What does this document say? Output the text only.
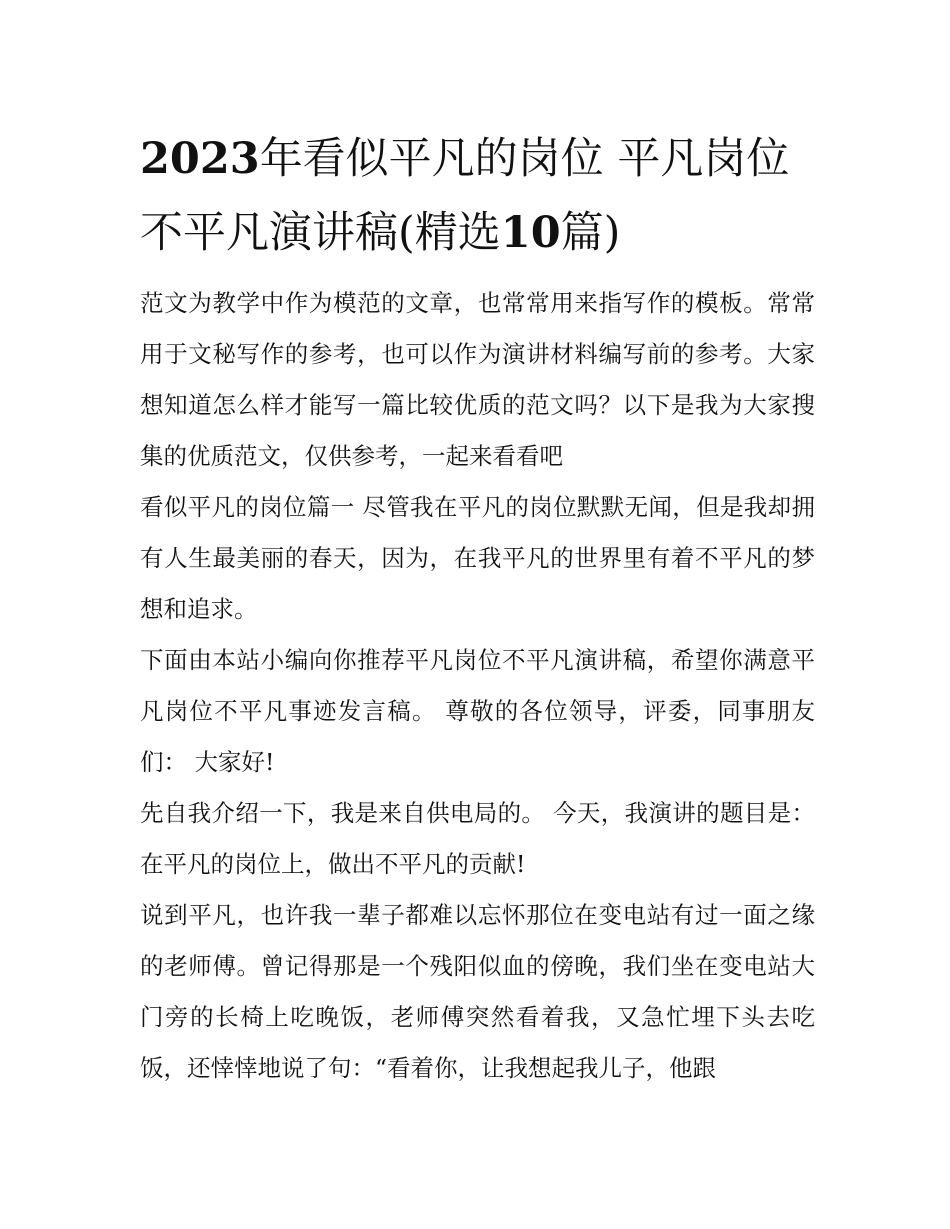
2023年看似平凡的岗位 平凡岗位不平凡演讲稿(精选10篇)

范文为教学中作为模范的文章，也常常用来指写作的模板。常常用于文秘写作的参考，也可以作为演讲材料编写前的参考。大家想知道怎么样才能写一篇比较优质的范文吗？以下是我为大家搜集的优质范文，仅供参考，一起来看看吧

看似平凡的岗位篇一 尽管我在平凡的岗位默默无闻，但是我却拥有人生最美丽的春天，因为，在我平凡的世界里有着不平凡的梦想和追求。

下面由本站小编向你推荐平凡岗位不平凡演讲稿，希望你满意平凡岗位不平凡事迹发言稿。 尊敬的各位领导，评委，同事朋友们： 大家好!

先自我介绍一下，我是来自供电局的。 今天，我演讲的题目是：在平凡的岗位上，做出不平凡的贡献!

说到平凡，也许我一辈子都难以忘怀那位在变电站有过一面之缘的老师傅。曾记得那是一个残阳似血的傍晚，我们坐在变电站大门旁的长椅上吃晚饭，老师傅突然看着我，又急忙埋下头去吃饭，还悻悻地说了句：“看着你，让我想起我儿子，他跟
